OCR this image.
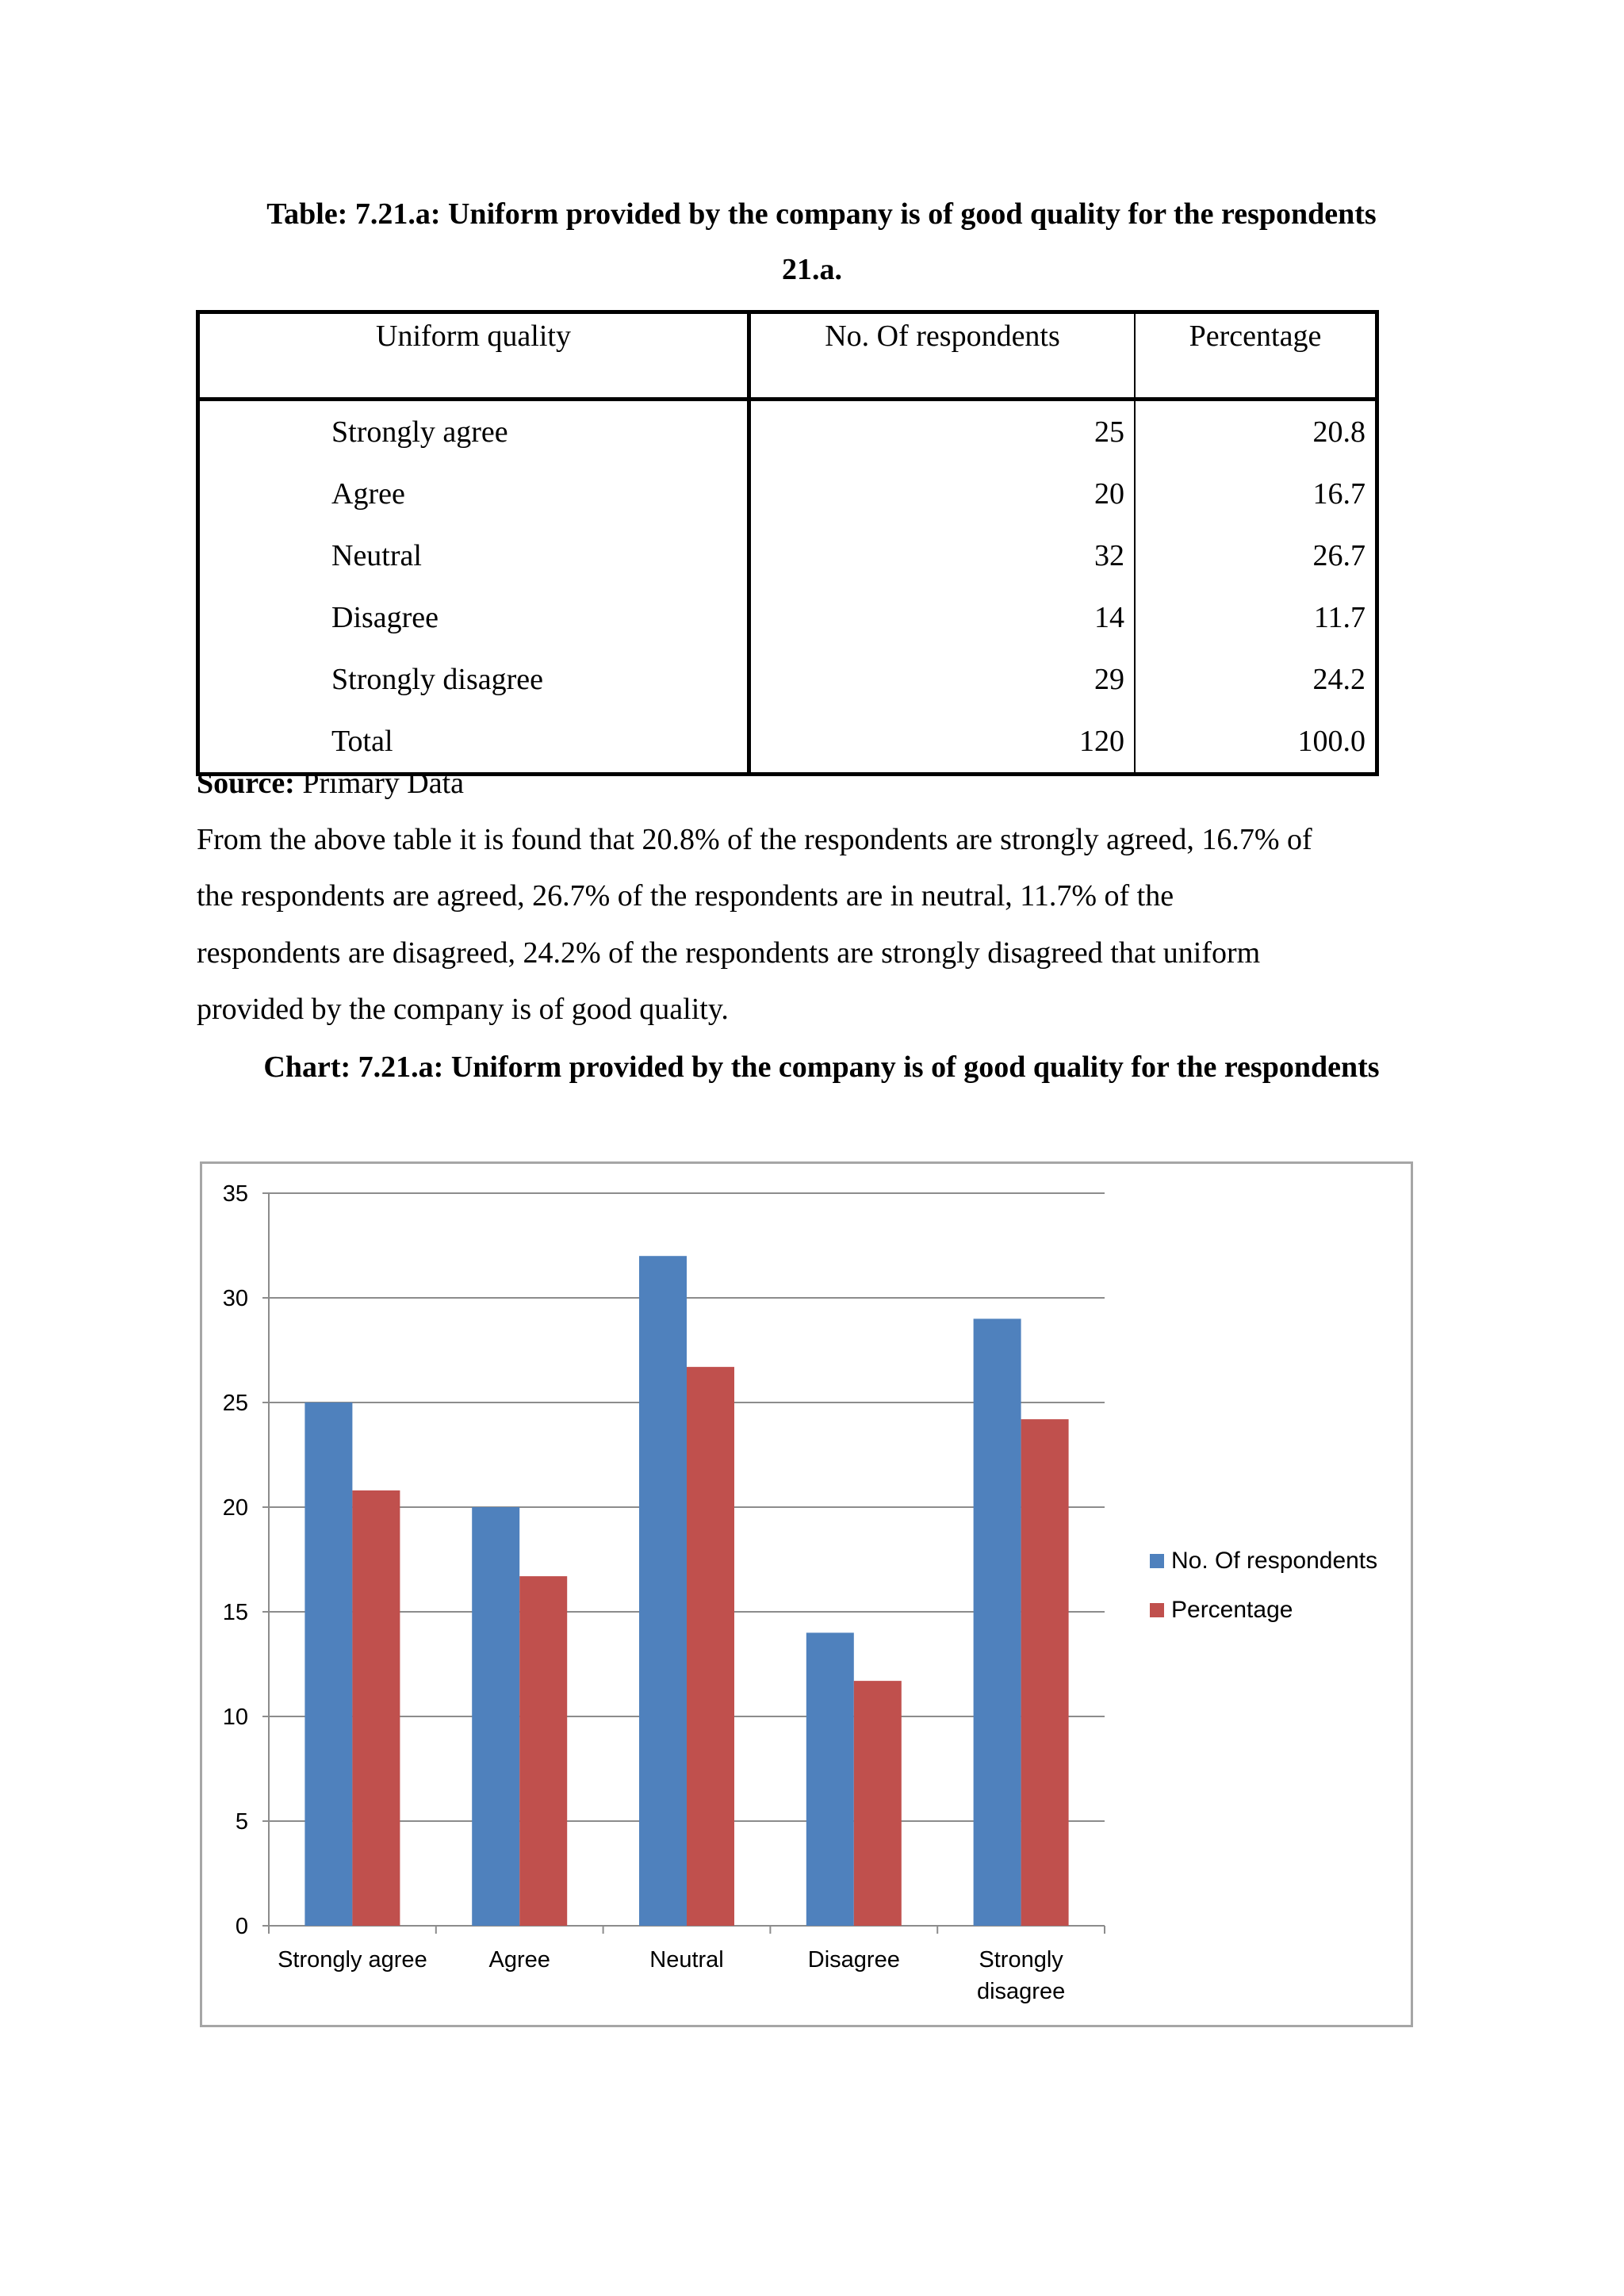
Table: 7.21.a: Uniform provided by the company is of good quality for the respondents
21.a.
Uniform quality	No. Of respondents	Percentage
Strongly agree	25	20.8
Agree	20	16.7
Neutral	32	26.7
Disagree	14	11.7
Strongly disagree	29	24.2
Total	120	100.0

Source: Primary Data

From the above table it is found that 20.8% of the respondents are strongly agreed, 16.7% of

the respondents are agreed, 26.7% of the respondents are in neutral, 11.7% of the

respondents are disagreed, 24.2% of the respondents are strongly disagreed that uniform

provided by the company is of good quality.

Chart: 7.21.a: Uniform provided by the company is of good quality for the respondents
0
5
10
15
20
25
30
35
Strongly agree	Agree	Neutral	Disagree	Strongly disagree
No. Of respondents
Percentage
